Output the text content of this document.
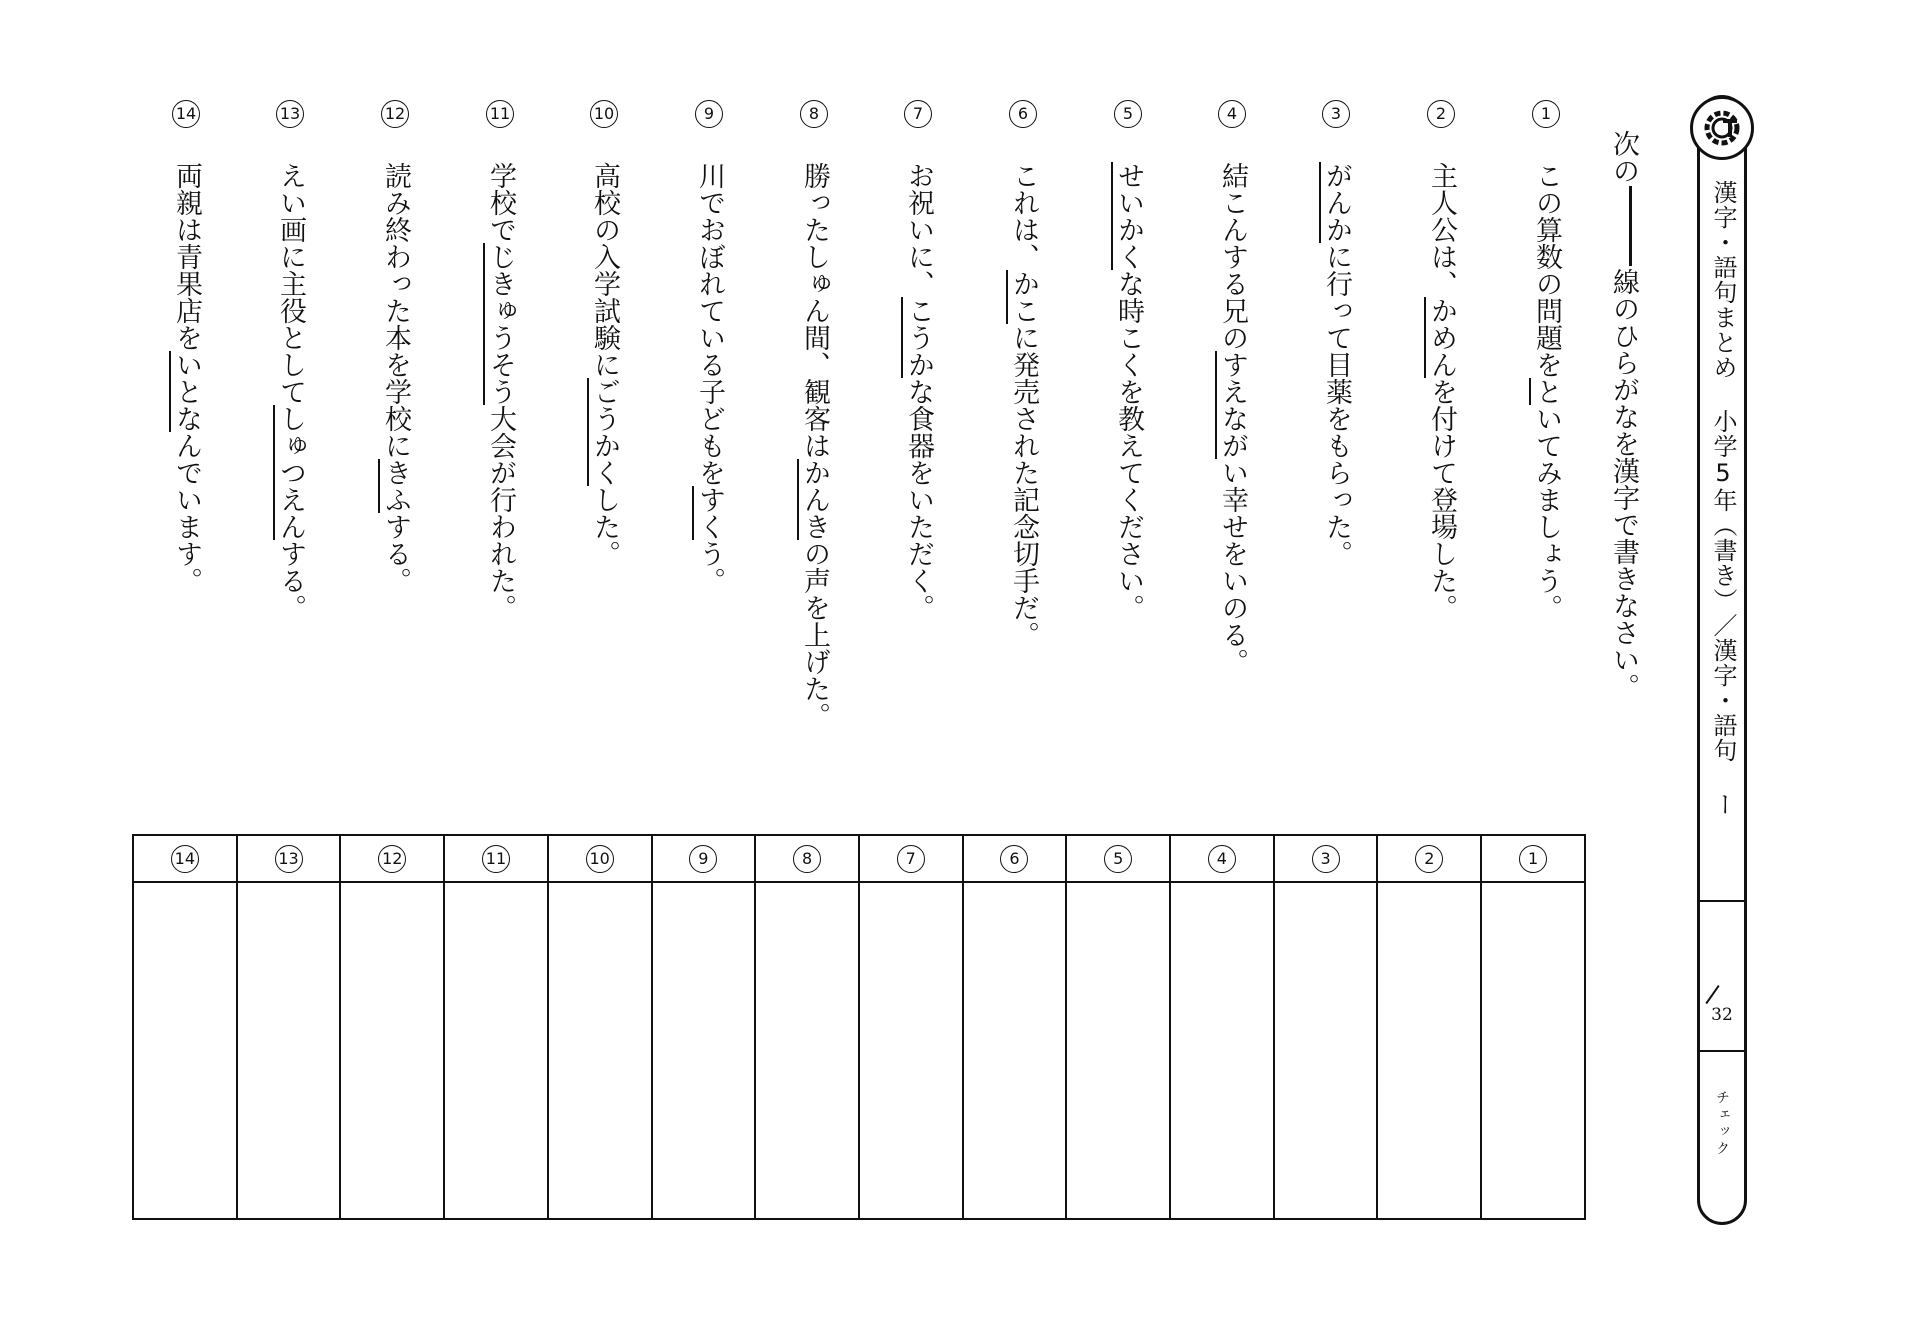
漢字・語句まとめ 小学5年（書き）／漢字・語句 ー
32
チェック
次の線のひらがなを漢字で書きなさい。
1
この算数の問題をといてみましょう。
2
主人公は、かめんを付けて登場した。
3
がんかに行って目薬をもらった。
4
結こんする兄のすえながい幸せをいのる。
5
せいかくな時こくを教えてください。
6
これは、かこに発売された記念切手だ。
7
お祝いに、こうかな食器をいただく。
8
勝ったしゅん間、観客はかんきの声を上げた。
9
川でおぼれている子どもをすくう。
10
高校の入学試験にごうかくした。
11
学校でじきゅうそう大会が行われた。
12
読み終わった本を学校にきふする。
13
えい画に主役としてしゅつえんする。
14
両親は青果店をいとなんでいます。
14	13	12	11	10	9	8	7	6	5	4	3	2	1
